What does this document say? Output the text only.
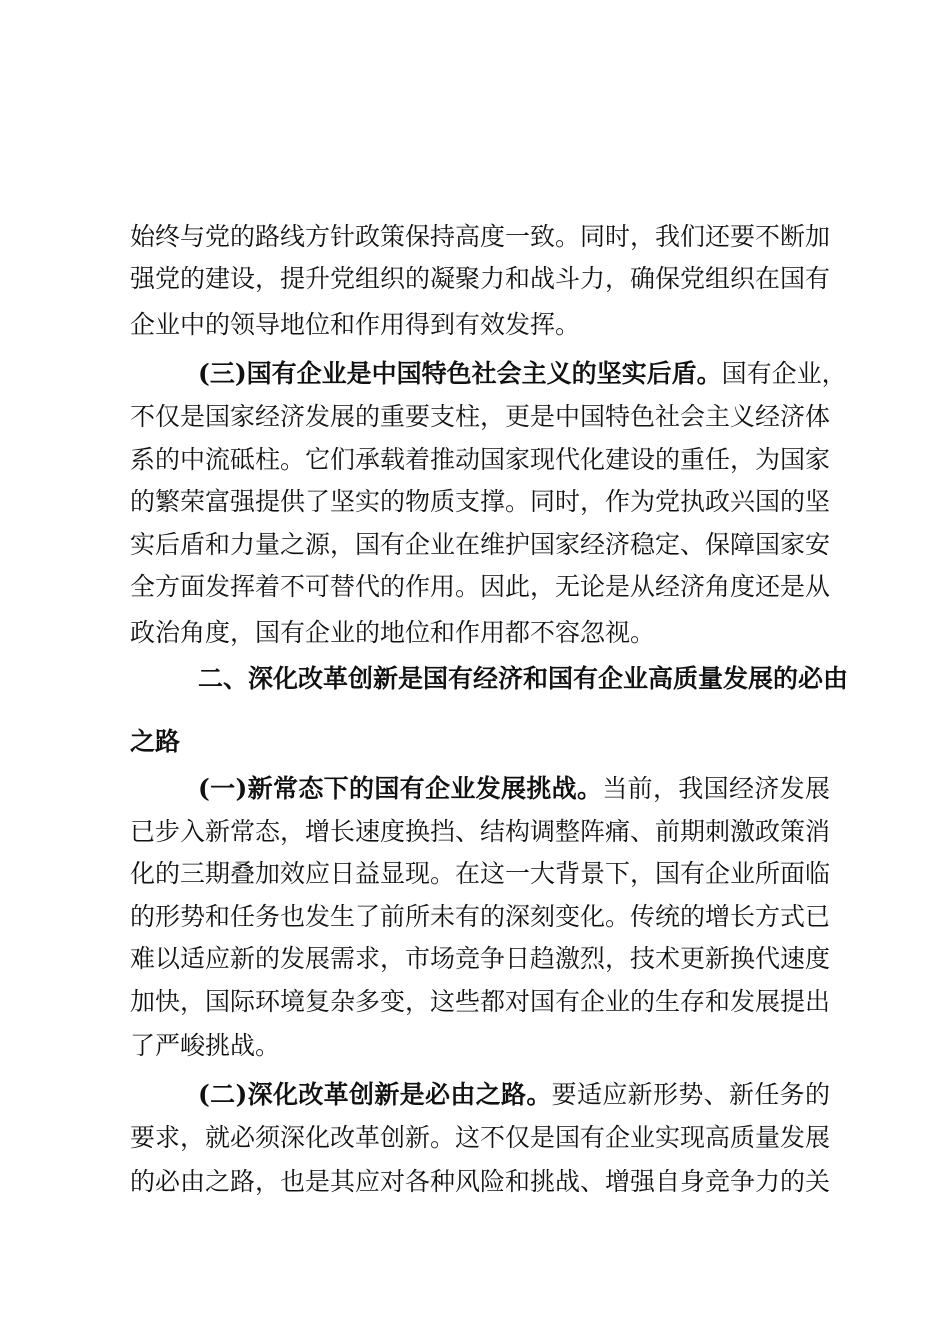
始终与党的路线方针政策保持高度一致。同时，我们还要不断加
强党的建设，提升党组织的凝聚力和战斗力，确保党组织在国有
企业中的领导地位和作用得到有效发挥。
(三)国有企业是中国特色社会主义的坚实后盾。国有企业，
不仅是国家经济发展的重要支柱，更是中国特色社会主义经济体
系的中流砥柱。它们承载着推动国家现代化建设的重任，为国家
的繁荣富强提供了坚实的物质支撑。同时，作为党执政兴国的坚
实后盾和力量之源，国有企业在维护国家经济稳定、保障国家安
全方面发挥着不可替代的作用。因此，无论是从经济角度还是从
政治角度，国有企业的地位和作用都不容忽视。
二、深化改革创新是国有经济和国有企业高质量发展的必由
之路
(一)新常态下的国有企业发展挑战。当前，我国经济发展
已步入新常态，增长速度换挡、结构调整阵痛、前期刺激政策消
化的三期叠加效应日益显现。在这一大背景下，国有企业所面临
的形势和任务也发生了前所未有的深刻变化。传统的增长方式已
难以适应新的发展需求，市场竞争日趋激烈，技术更新换代速度
加快，国际环境复杂多变，这些都对国有企业的生存和发展提出
了严峻挑战。
(二)深化改革创新是必由之路。要适应新形势、新任务的
要求，就必须深化改革创新。这不仅是国有企业实现高质量发展
的必由之路，也是其应对各种风险和挑战、增强自身竞争力的关
